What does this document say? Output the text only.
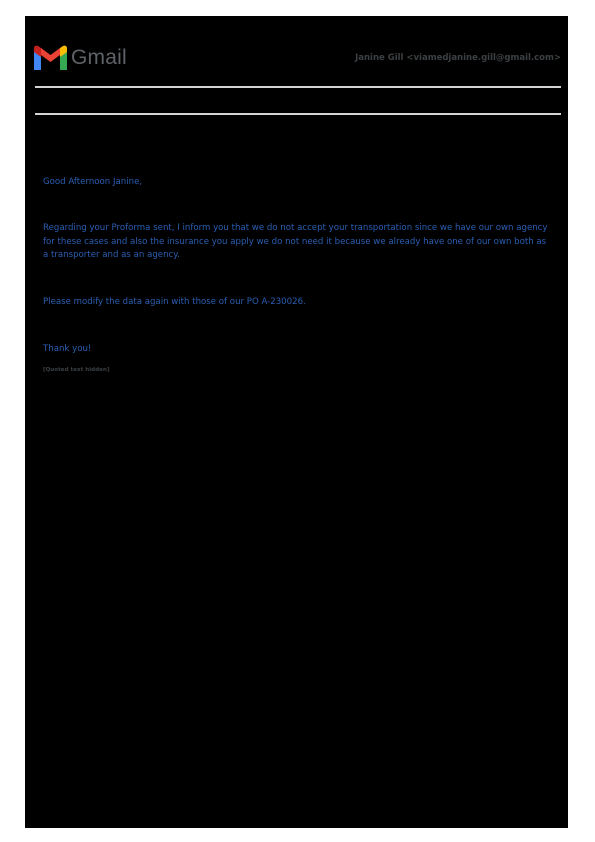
Gmail	Janine Gill <viamedjanine.gill@gmail.com>

Good Afternoon Janine,

Regarding your Proforma sent, I inform you that we do not accept your transportation since we have our own agency for these cases and also the insurance you apply we do not need it because we already have one of our own both as a transporter and as an agency.

Please modify the data again with those of our PO A-230026.

Thank you!

[Quoted text hidden]
